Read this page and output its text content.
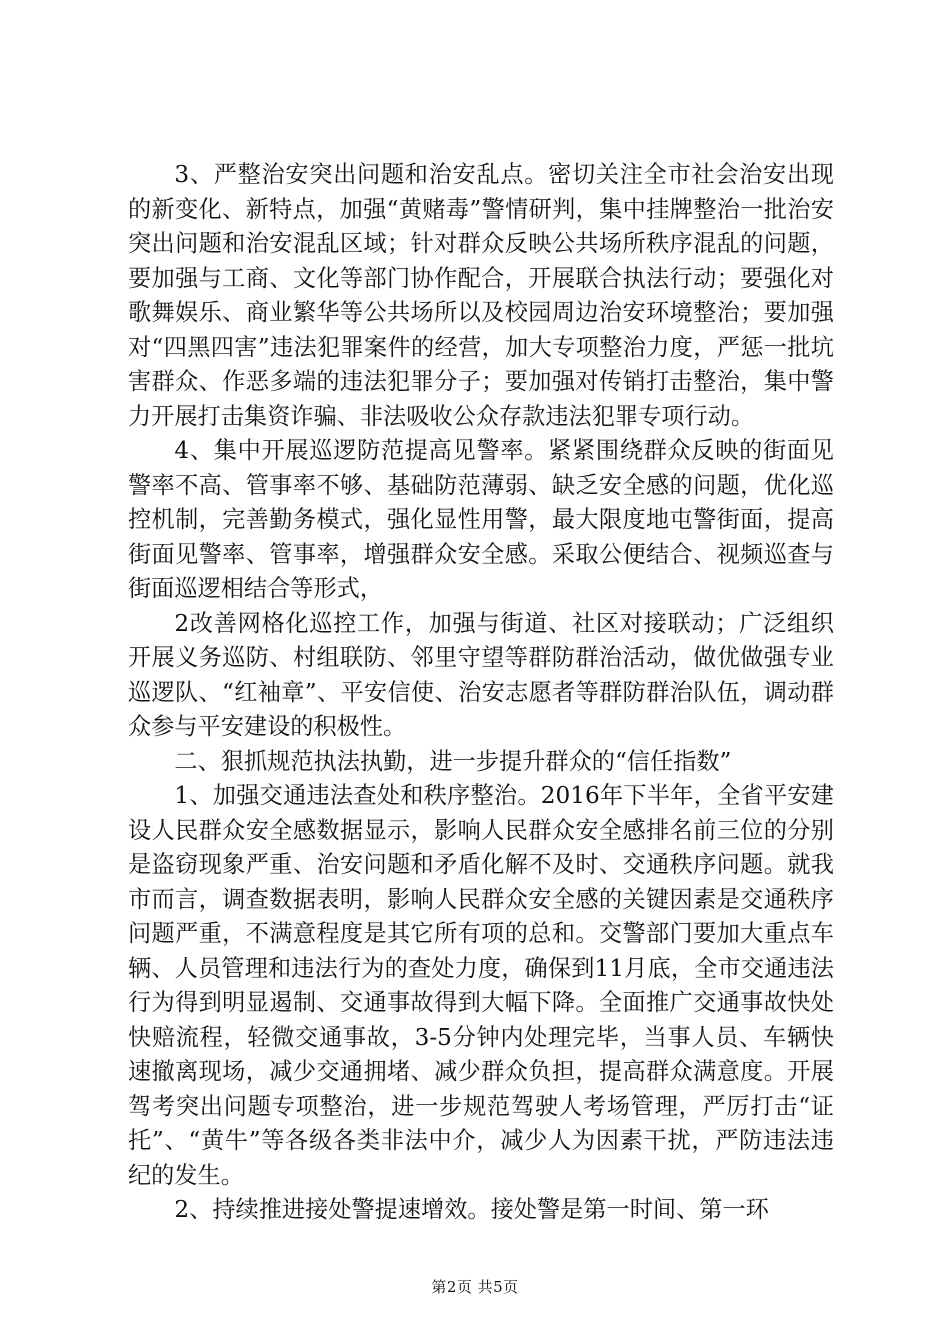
3、严整治安突出问题和治安乱点。密切关注全市社会治安出现的新变化、新特点，加强“黄赌毒”警情研判，集中挂牌整治一批治安突出问题和治安混乱区域；针对群众反映公共场所秩序混乱的问题，要加强与工商、文化等部门协作配合，开展联合执法行动；要强化对歌舞娱乐、商业繁华等公共场所以及校园周边治安环境整治；要加强对“四黑四害”违法犯罪案件的经营，加大专项整治力度，严惩一批坑害群众、作恶多端的违法犯罪分子；要加强对传销打击整治，集中警力开展打击集资诈骗、非法吸收公众存款违法犯罪专项行动。

4、集中开展巡逻防范提高见警率。紧紧围绕群众反映的街面见警率不高、管事率不够、基础防范薄弱、缺乏安全感的问题，优化巡控机制，完善勤务模式，强化显性用警，最大限度地屯警街面，提高街面见警率、管事率，增强群众安全感。采取公便结合、视频巡查与街面巡逻相结合等形式，

2改善网格化巡控工作，加强与街道、社区对接联动；广泛组织开展义务巡防、村组联防、邻里守望等群防群治活动，做优做强专业巡逻队、“红袖章”、平安信使、治安志愿者等群防群治队伍，调动群众参与平安建设的积极性。

二、狠抓规范执法执勤，进一步提升群众的“信任指数”

1、加强交通违法查处和秩序整治。2016年下半年，全省平安建设人民群众安全感数据显示，影响人民群众安全感排名前三位的分别是盗窃现象严重、治安问题和矛盾化解不及时、交通秩序问题。就我市而言，调查数据表明，影响人民群众安全感的关键因素是交通秩序问题严重，不满意程度是其它所有项的总和。交警部门要加大重点车辆、人员管理和违法行为的查处力度，确保到11月底，全市交通违法行为得到明显遏制、交通事故得到大幅下降。全面推广交通事故快处快赔流程，轻微交通事故，3-5分钟内处理完毕，当事人员、车辆快速撤离现场，减少交通拥堵、减少群众负担，提高群众满意度。开展驾考突出问题专项整治，进一步规范驾驶人考场管理，严厉打击“证托”、“黄牛”等各级各类非法中介，减少人为因素干扰，严防违法违纪的发生。

2、持续推进接处警提速增效。接处警是第一时间、第一环

第2页 共5页
